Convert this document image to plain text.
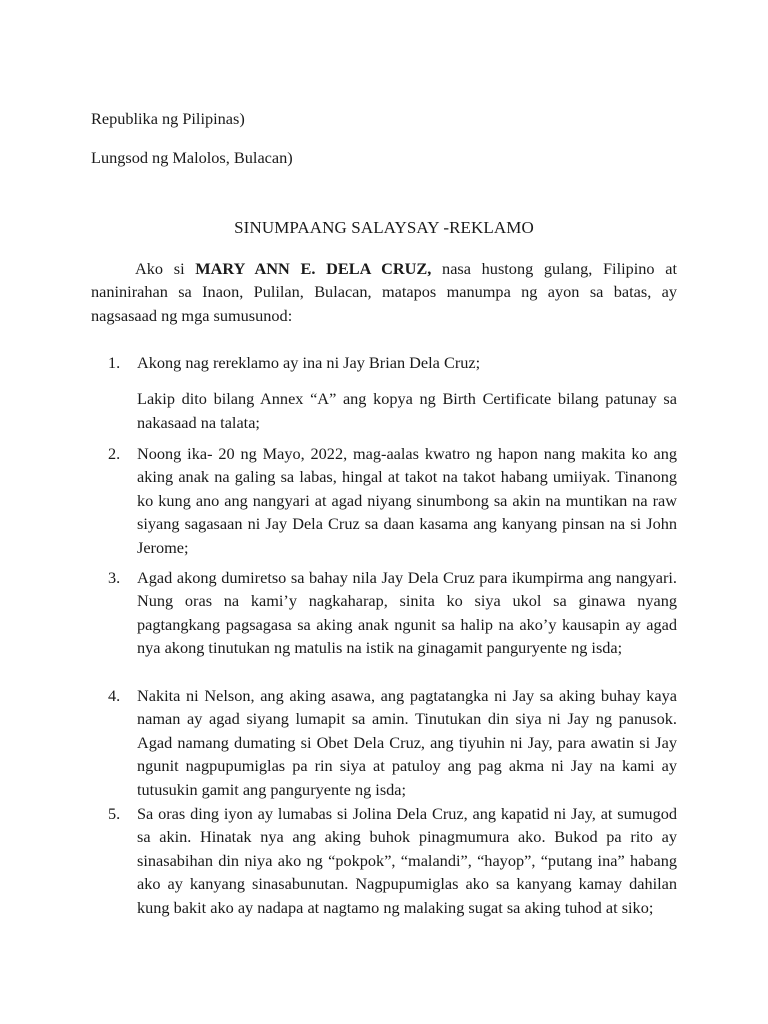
Republika ng Pilipinas)

Lungsod ng Malolos, Bulacan)

SINUMPAANG SALAYSAY -REKLAMO

Ako si MARY ANN E. DELA CRUZ, nasa hustong gulang, Filipino at naninirahan sa Inaon, Pulilan, Bulacan, matapos manumpa ng ayon sa batas, ay nagsasaad ng mga sumusunod:

1. Akong nag rereklamo ay ina ni Jay Brian Dela Cruz;

Lakip dito bilang Annex “A” ang kopya ng Birth Certificate bilang patunay sa nakasaad na talata;

2. Noong ika- 20 ng Mayo, 2022, mag-aalas kwatro ng hapon nang makita ko ang aking anak na galing sa labas, hingal at takot na takot habang umiiyak. Tinanong ko kung ano ang nangyari at agad niyang sinumbong sa akin na muntikan na raw siyang sagasaan ni Jay Dela Cruz sa daan kasama ang kanyang pinsan na si John Jerome;

3. Agad akong dumiretso sa bahay nila Jay Dela Cruz para ikumpirma ang nangyari. Nung oras na kami’y nagkaharap, sinita ko siya ukol sa ginawa nyang pagtangkang pagsagasa sa aking anak ngunit sa halip na ako’y kausapin ay agad nya akong tinutukan ng matulis na istik na ginagamit panguryente ng isda;

4. Nakita ni Nelson, ang aking asawa, ang pagtatangka ni Jay sa aking buhay kaya naman ay agad siyang lumapit sa amin. Tinutukan din siya ni Jay ng panusok. Agad namang dumating si Obet Dela Cruz, ang tiyuhin ni Jay, para awatin si Jay ngunit nagpupumiglas pa rin siya at patuloy ang pag akma ni Jay na kami ay tutusukin gamit ang panguryente ng isda;

5. Sa oras ding iyon ay lumabas si Jolina Dela Cruz, ang kapatid ni Jay, at sumugod sa akin. Hinatak nya ang aking buhok pinagmumura ako. Bukod pa rito ay sinasabihan din niya ako ng “pokpok”, “malandi”, “hayop”, “putang ina” habang ako ay kanyang sinasabunutan. Nagpupumiglas ako sa kanyang kamay dahilan kung bakit ako ay nadapa at nagtamo ng malaking sugat sa aking tuhod at siko;
